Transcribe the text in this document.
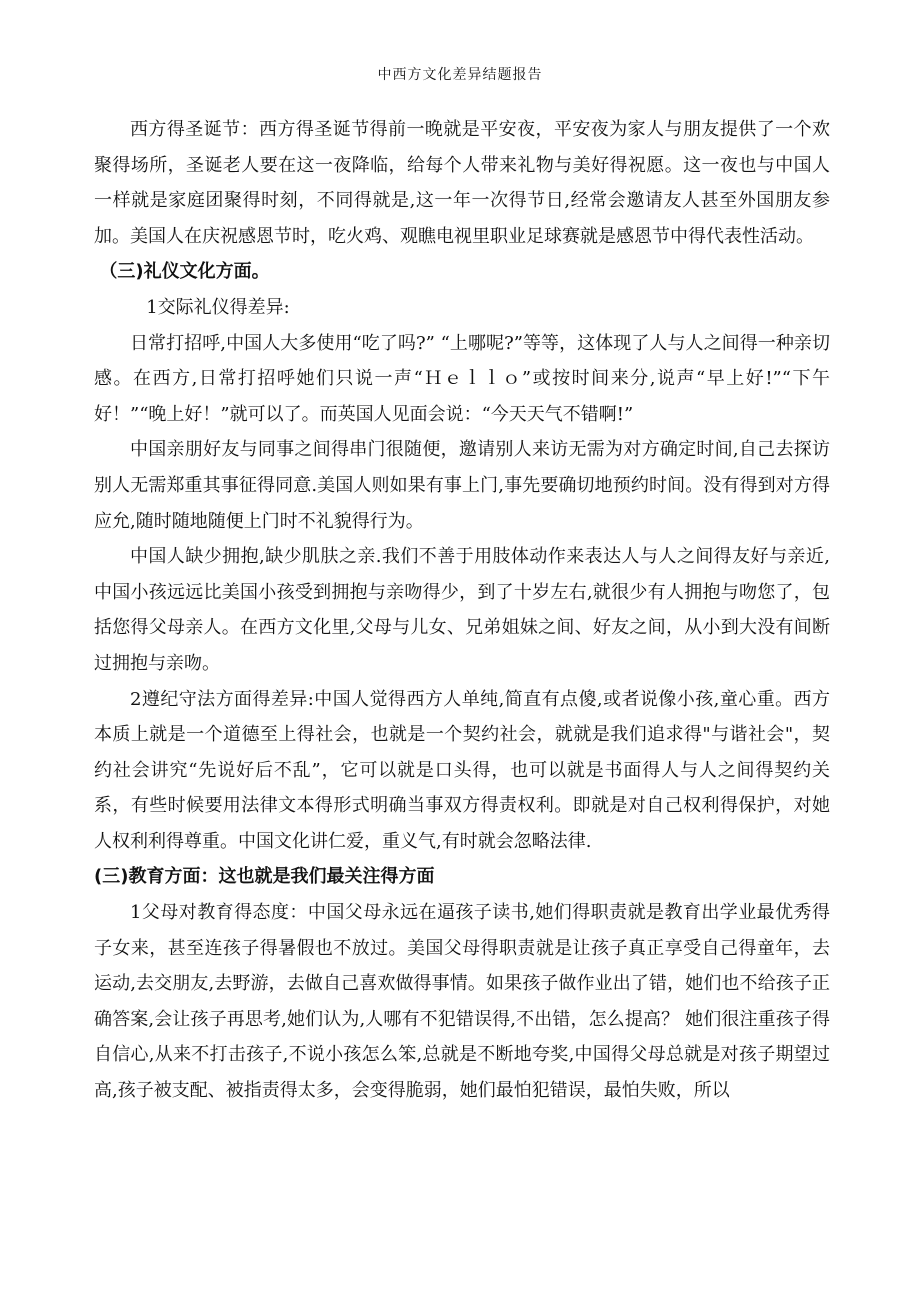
中西方文化差异结题报告

西方得圣诞节：西方得圣诞节得前一晚就是平安夜，平安夜为家人与朋友提供了一个欢聚得场所，圣诞老人要在这一夜降临，给每个人带来礼物与美好得祝愿。这一夜也与中国人一样就是家庭团聚得时刻，不同得就是,这一年一次得节日,经常会邀请友人甚至外国朋友参加。美国人在庆祝感恩节时，吃火鸡、观瞧电视里职业足球赛就是感恩节中得代表性活动。

（三)礼仪文化方面。

1交际礼仪得差异:

日常打招呼,中国人大多使用“吃了吗?” “上哪呢?”等等，这体现了人与人之间得一种亲切感。在西方,日常打招呼她们只说一声“Ｈｅｌｌｏ”或按时间来分,说声“早上好!”“下午好！”“晚上好！”就可以了。而英国人见面会说：“今天天气不错啊!”

中国亲朋好友与同事之间得串门很随便，邀请别人来访无需为对方确定时间,自己去探访别人无需郑重其事征得同意.美国人则如果有事上门,事先要确切地预约时间。没有得到对方得应允,随时随地随便上门时不礼貌得行为。

中国人缺少拥抱,缺少肌肤之亲.我们不善于用肢体动作来表达人与人之间得友好与亲近,中国小孩远远比美国小孩受到拥抱与亲吻得少，到了十岁左右,就很少有人拥抱与吻您了，包括您得父母亲人。在西方文化里,父母与儿女、兄弟姐妹之间、好友之间，从小到大没有间断过拥抱与亲吻。

2遵纪守法方面得差异:中国人觉得西方人单纯,简直有点傻,或者说像小孩,童心重。西方本质上就是一个道德至上得社会，也就是一个契约社会，就就是我们追求得"与谐社会"，契约社会讲究“先说好后不乱”，它可以就是口头得，也可以就是书面得人与人之间得契约关系，有些时候要用法律文本得形式明确当事双方得责权利。即就是对自己权利得保护，对她人权利利得尊重。中国文化讲仁爱，重义气,有时就会忽略法律.

(三)教育方面：这也就是我们最关注得方面

1父母对教育得态度：中国父母永远在逼孩子读书,她们得职责就是教育出学业最优秀得子女来，甚至连孩子得暑假也不放过。美国父母得职责就是让孩子真正享受自己得童年，去运动,去交朋友,去野游，去做自己喜欢做得事情。如果孩子做作业出了错，她们也不给孩子正确答案,会让孩子再思考,她们认为,人哪有不犯错误得,不出错，怎么提高？ 她们很注重孩子得自信心,从来不打击孩子,不说小孩怎么笨,总就是不断地夸奖,中国得父母总就是对孩子期望过高,孩子被支配、被指责得太多，会变得脆弱，她们最怕犯错误，最怕失败，所以
